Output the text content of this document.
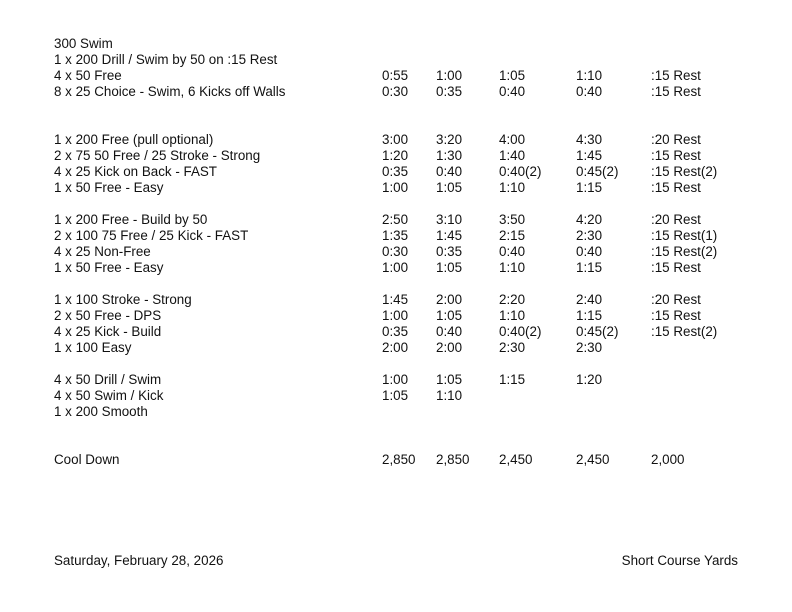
300 Swim
1 x 200 Drill / Swim by 50 on :15 Rest
4 x 50 Free	0:55 1:00	1:05	1:10	:15 Rest
8 x 25 Choice - Swim, 6 Kicks off Walls	0:30 0:35	0:40	0:40	:15 Rest
1 x 200 Free (pull optional)	3:00 3:20	4:00	4:30	:20 Rest
2 x 75 50 Free / 25 Stroke - Strong	1:20 1:30	1:40	1:45	:15 Rest
4 x 25 Kick on Back - FAST	0:35 0:40	0:40(2)	0:45(2) :15 Rest(2)
1 x 50 Free - Easy	1:00 1:05	1:10	1:15	:15 Rest
1 x 200 Free - Build by 50	2:50 3:10	3:50	4:20	:20 Rest
2 x 100 75 Free / 25 Kick - FAST	1:35 1:45	2:15	2:30	:15 Rest(1)
4 x 25 Non-Free	0:30 0:35	0:40	0:40	:15 Rest(2)
1 x 50 Free - Easy	1:00 1:05	1:10	1:15	:15 Rest
1 x 100 Stroke - Strong	1:45 2:00	2:20	2:40	:20 Rest
2 x 50 Free - DPS	1:00 1:05	1:10	1:15	:15 Rest
4 x 25 Kick - Build	0:35 0:40	0:40(2)	0:45(2) :15 Rest(2)
1 x 100 Easy	2:00 2:00	2:30	2:30
4 x 50 Drill / Swim	1:00 1:05	1:15	1:20
4 x 50 Swim / Kick	1:05 1:10
1 x 200 Smooth
Cool Down	2,850 2,850 2,450	2,450	2,000
Saturday, February 28, 2026	Short Course Yards
